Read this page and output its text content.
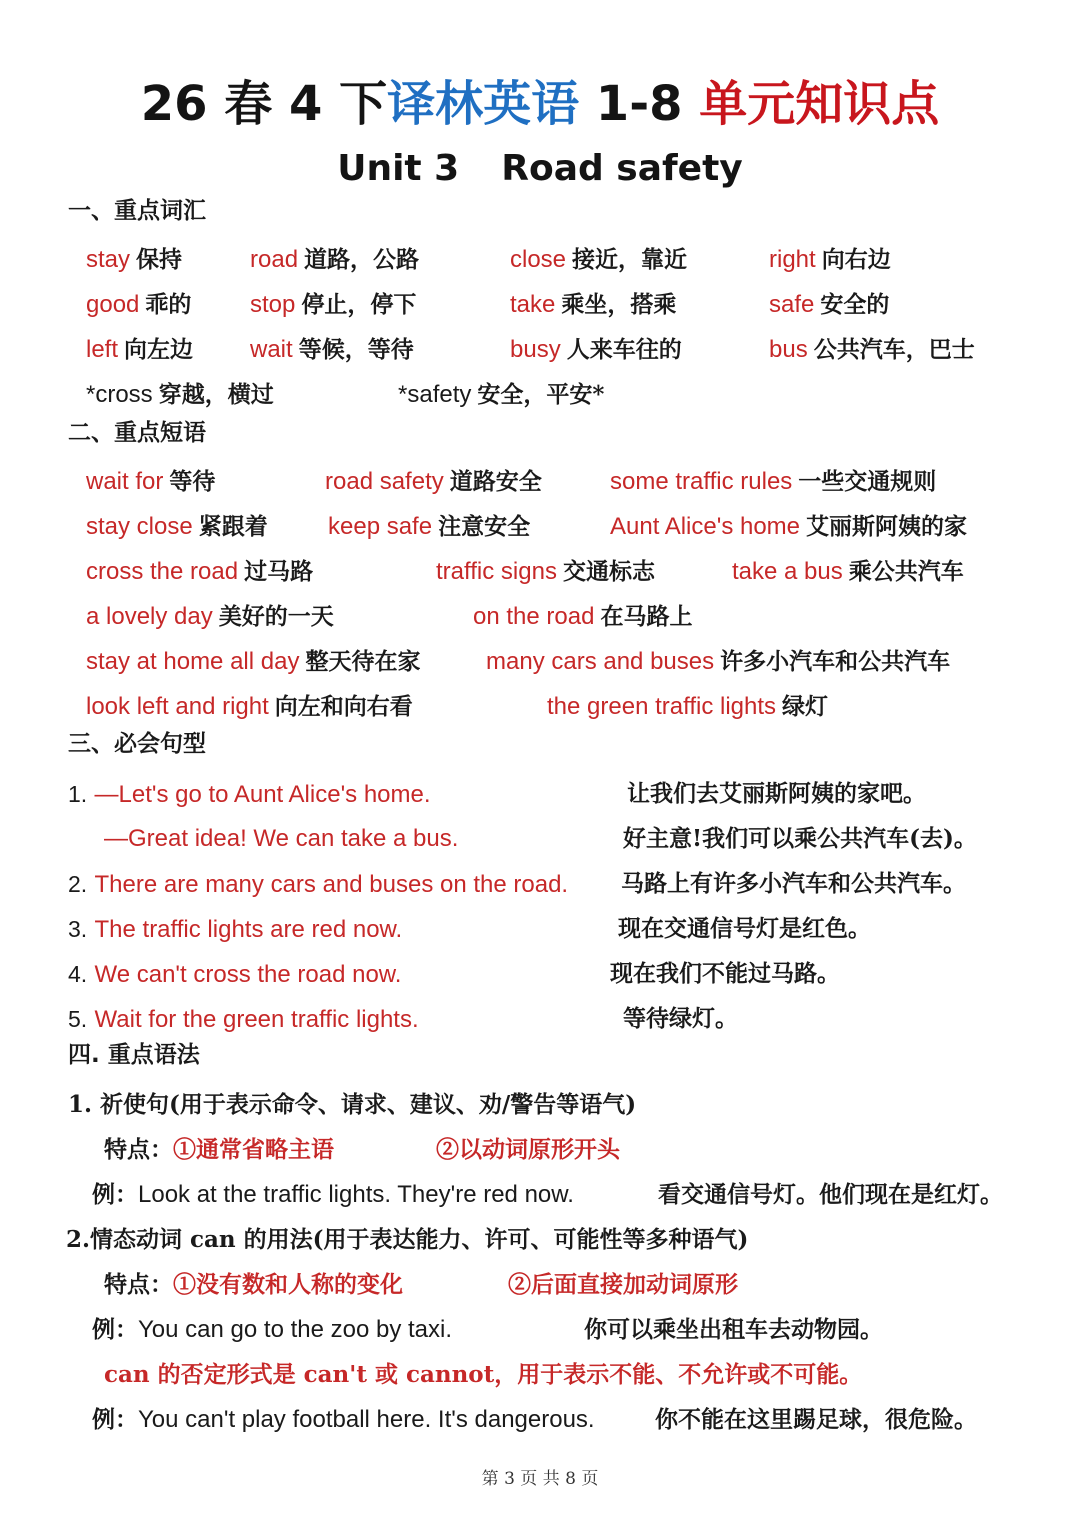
26 春 4 下译林英语 1-8 单元知识点
Unit 3 Road safety
一、重点词汇
stay 保持	road 道路，公路	close 接近，靠近	right 向右边
good 乖的 stop 停止，停下	take 乘坐，搭乘	safe 安全的
left 向左边 wait 等候，等待	busy 人来车往的	bus 公共汽车，巴士
*cross 穿越，横过	*safety 安全，平安*
二、重点短语
wait for 等待	road safety 道路安全	some traffic rules 一些交通规则
stay close 紧跟着	keep safe 注意安全	Aunt Alice's home 艾丽斯阿姨的家
cross the road 过马路	traffic signs 交通标志	take a bus 乘公共汽车
a lovely day 美好的一天	on the road 在马路上
stay at home all day 整天待在家	many cars and buses 许多小汽车和公共汽车
look left and right 向左和向右看	the green traffic lights 绿灯
三、必会句型
1. —Let's go to Aunt Alice's home.	让我们去艾丽斯阿姨的家吧。
—Great idea! We can take a bus.	好主意!我们可以乘公共汽车(去)。
2. There are many cars and buses on the road. 马路上有许多小汽车和公共汽车。
3. The traffic lights are red now.	现在交通信号灯是红色。
4. We can't cross the road now.	现在我们不能过马路。
5. Wait for the green traffic lights.	等待绿灯。
四. 重点语法
1. 祈使句(用于表示命令、请求、建议、劝/警告等语气)
特点：①通常省略主语	②以动词原形开头
例：Look at the traffic lights. They're red now.	看交通信号灯。他们现在是红灯。
2.情态动词 can 的用法(用于表达能力、许可、可能性等多种语气)
特点：①没有数和人称的变化	②后面直接加动词原形
例：You can go to the zoo by taxi.	你可以乘坐出租车去动物园。
can 的否定形式是 can't 或 cannot，用于表示不能、不允许或不可能。
例：You can't play football here. It's dangerous.	你不能在这里踢足球，很危险。
第 3 页 共 8 页
